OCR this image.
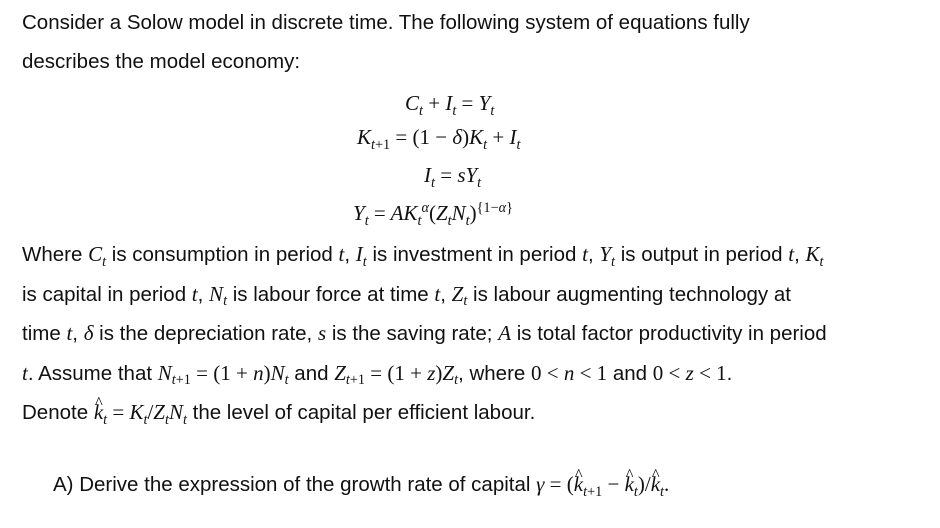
Consider a Solow model in discrete time. The following system of equations fully
describes the model economy:
$C_t + I_t = Y_t$
$K_{t+1} = (1 - \delta)K_t + I_t$
$I_t = sY_t$
$Y_t = AK_t^\alpha(Z_tN_t)^{\{1-\alpha\}}$
Where $C_t$ is consumption in period t, $I_t$ is investment in period t, $Y_t$ is output in period t, $K_t$
is capital in period t, $N_t$ is labour force at time t, $Z_t$ is labour augmenting technology at
time t, δ is the depreciation rate, s is the saving rate; A is total factor productivity in period
t. Assume that $N_{t+1} = (1 + n)N_t$ and $Z_{t+1} = (1 + z)Z_t$, where 0 < n < 1 and 0 < z < 1.
Denote ^ $k_t = K_t/Z_tN_t$ the level of capital per efficient labour.
A) Derive the expression of the growth rate of capital γ = (^ $k_{t+1}$ − ^ $k_t)/\^{}$ $k_t$.
